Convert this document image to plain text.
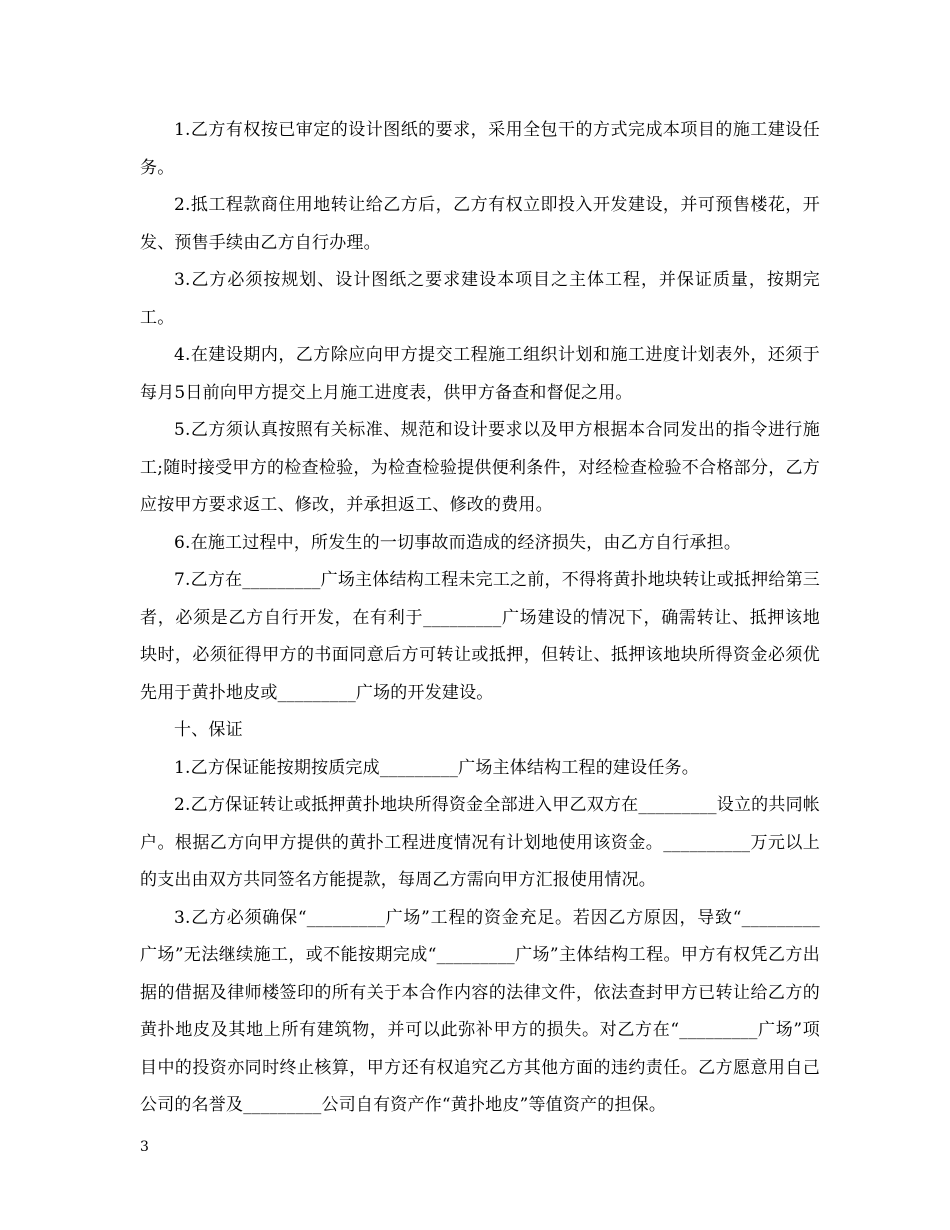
1.乙方有权按已审定的设计图纸的要求，采用全包干的方式完成本项目的施工建设任务。

2.抵工程款商住用地转让给乙方后，乙方有权立即投入开发建设，并可预售楼花，开发、预售手续由乙方自行办理。

3.乙方必须按规划、设计图纸之要求建设本项目之主体工程，并保证质量，按期完工。

4.在建设期内，乙方除应向甲方提交工程施工组织计划和施工进度计划表外，还须于每月5日前向甲方提交上月施工进度表，供甲方备查和督促之用。

5.乙方须认真按照有关标准、规范和设计要求以及甲方根据本合同发出的指令进行施工;随时接受甲方的检查检验，为检查检验提供便利条件，对经检查检验不合格部分，乙方应按甲方要求返工、修改，并承担返工、修改的费用。

6.在施工过程中，所发生的一切事故而造成的经济损失，由乙方自行承担。

7.乙方在_________广场主体结构工程未完工之前，不得将黄扑地块转让或抵押给第三者，必须是乙方自行开发，在有利于_________广场建设的情况下，确需转让、抵押该地块时，必须征得甲方的书面同意后方可转让或抵押，但转让、抵押该地块所得资金必须优先用于黄扑地皮或_________广场的开发建设。

十、保证

1.乙方保证能按期按质完成_________广场主体结构工程的建设任务。

2.乙方保证转让或抵押黄扑地块所得资金全部进入甲乙双方在_________设立的共同帐户。根据乙方向甲方提供的黄扑工程进度情况有计划地使用该资金。__________万元以上的支出由双方共同签名方能提款，每周乙方需向甲方汇报使用情况。

3.乙方必须确保“_________广场”工程的资金充足。若因乙方原因，导致“_________广场”无法继续施工，或不能按期完成“_________广场”主体结构工程。甲方有权凭乙方出据的借据及律师楼签印的所有关于本合作内容的法律文件，依法查封甲方已转让给乙方的黄扑地皮及其地上所有建筑物，并可以此弥补甲方的损失。对乙方在“_________广场”项目中的投资亦同时终止核算，甲方还有权追究乙方其他方面的违约责任。乙方愿意用自己公司的名誉及_________公司自有资产作“黄扑地皮”等值资产的担保。

3
